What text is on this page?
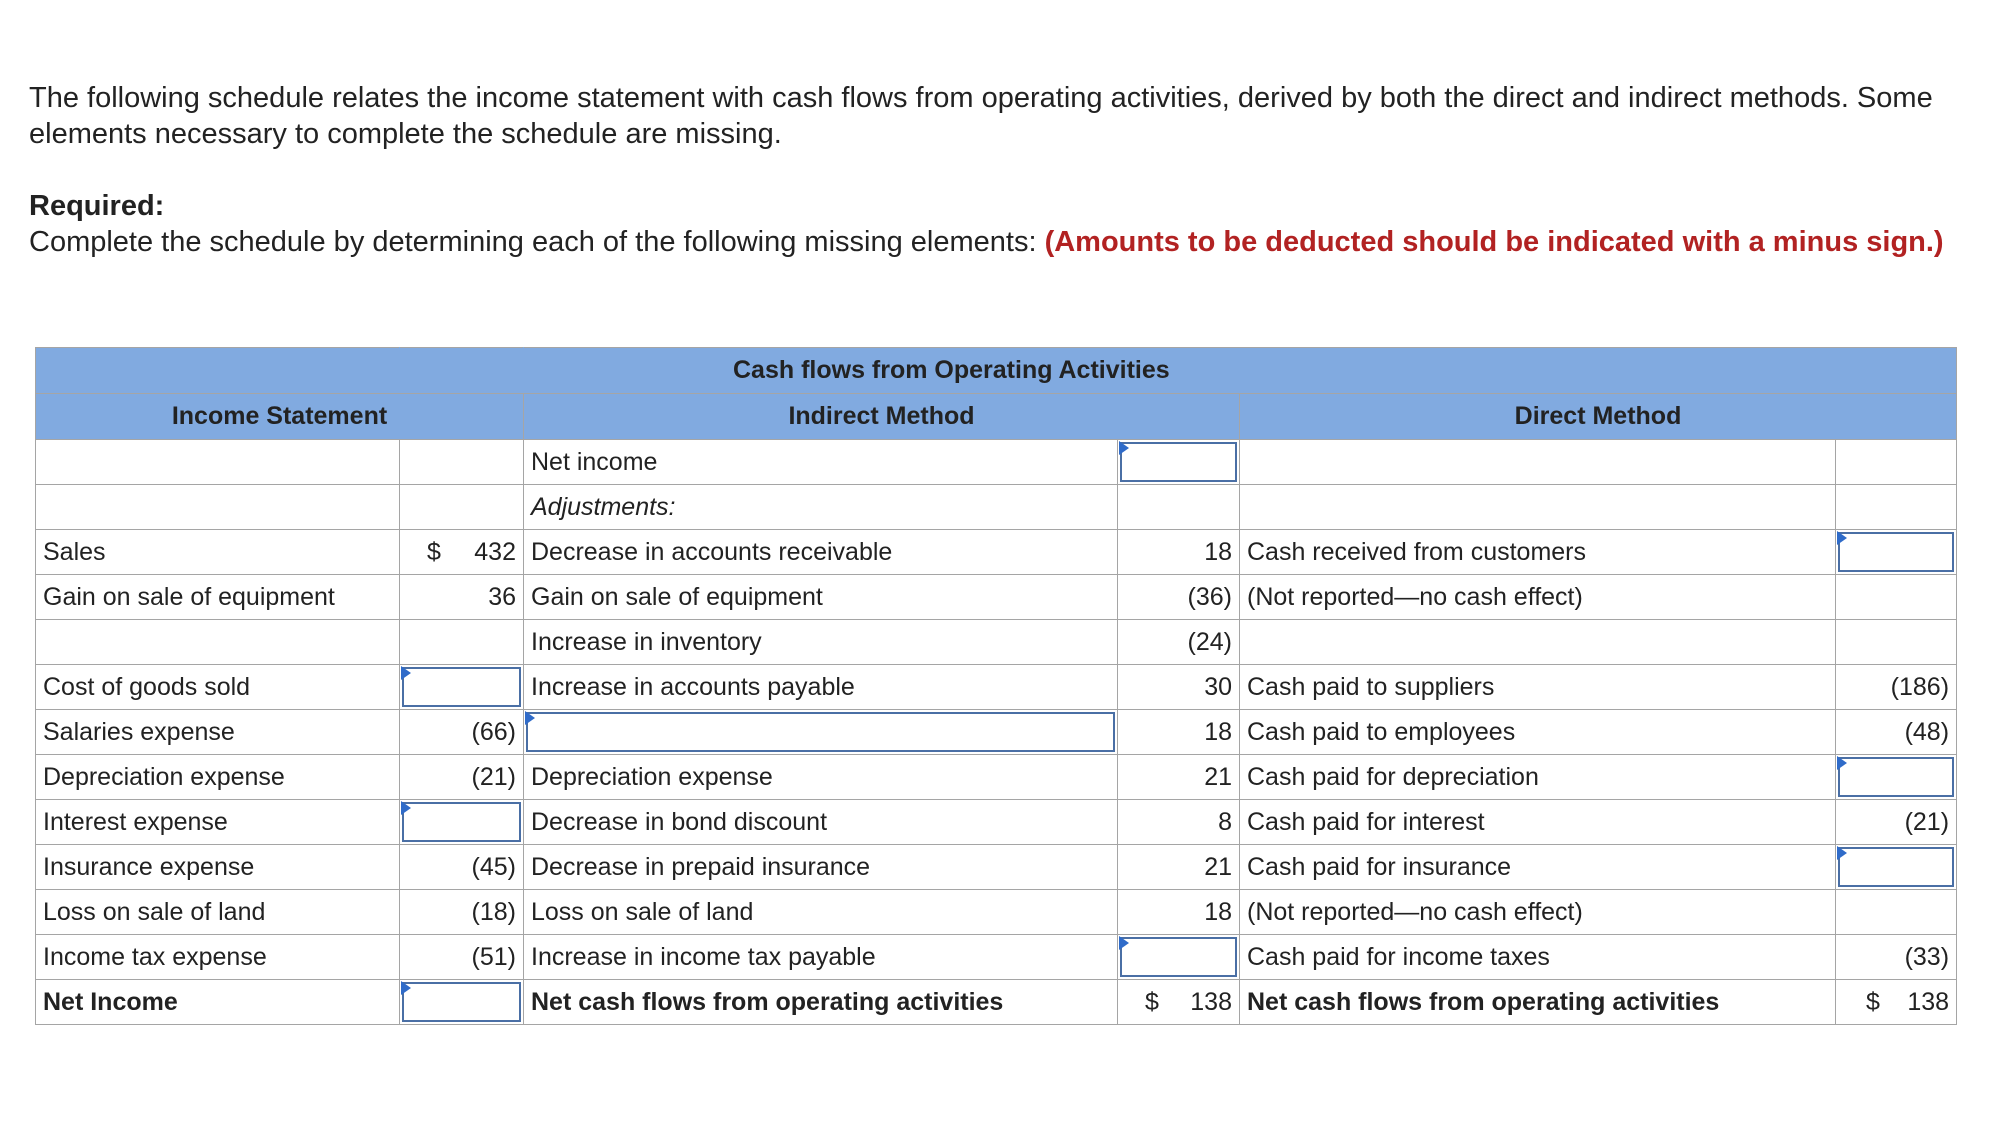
The following schedule relates the income statement with cash flows from operating activities, derived by both the direct and indirect methods. Some elements necessary to complete the schedule are missing.

Required:

Complete the schedule by determining each of the following missing elements: (Amounts to be deducted should be indicated with a minus sign.)

		Cash flows from Operating Activities			
Income Statement		Indirect Method		Direct Method	
		Net income	

		Adjustments:			
Sales	$ 432	Decrease in accounts receivable	18	Cash received from customers	

Gain on sale of equipment	36	Gain on sale of equipment	(36)	(Not reported—no cash effect)	
		Increase in inventory	(24)		
Cost of goods sold		Increase in accounts payable	30	Cash paid to suppliers	(186)
Salaries expense	(66)		18	Cash paid to employees	(48)
Depreciation expense	(21)	Depreciation expense	21	Cash paid for depreciation	

Interest expense		Decrease in bond discount	8	Cash paid for interest	(21)
Insurance expense	(45)	Decrease in prepaid insurance	21	Cash paid for insurance	

Loss on sale of land	(18)	Loss on sale of land	18	(Not reported—no cash effect)	
Income tax expense	(51)	Increase in income tax payable		Cash paid for income taxes	(33)
Net Income		Net cash flows from operating activities	$ 138	Net cash flows from operating activities	$ 138
